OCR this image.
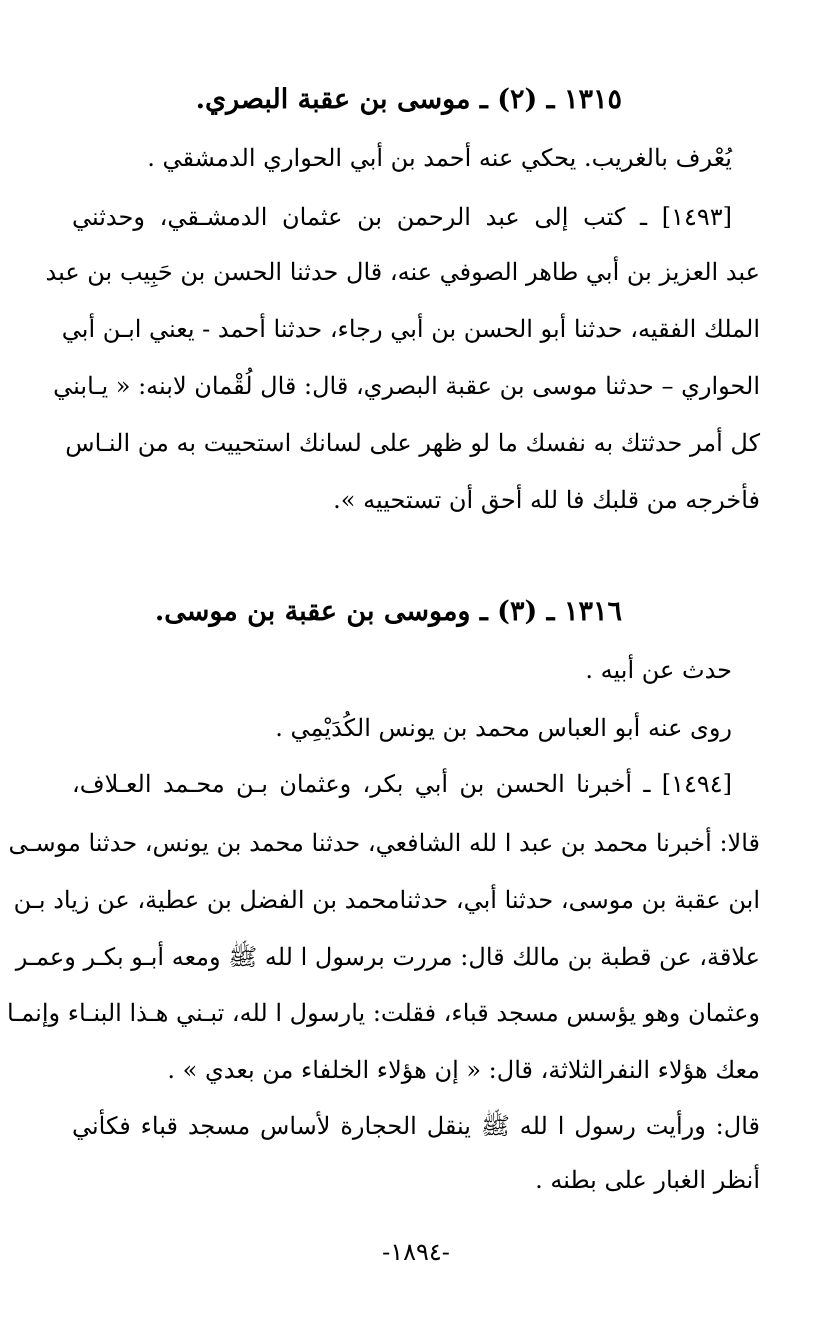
١٣١٥ ـ (٢) ـ موسى بن عقبة البصري.
يُعْرف بالغريب. يحكي عنه أحمد بن أبي الحواري الدمشقي .
[١٤٩٣] ـ كتب إلى عبد الرحمن بن عثمان الدمشـقي، وحدثني
عبد العزيز بن أبي طاهر الصوفي عنه، قال حدثنا الحسن بن حَبِيب بن عبد
الملك الفقيه، حدثنا أبو الحسن بن أبي رجاء، حدثنا أحمد - يعني ابـن أبي
الحواري – حدثنا موسى بن عقبة البصري، قال: قال لُقْمان لابنه: « يـابني
كل أمر حدثتك به نفسك ما لو ظهر على لسانك استحييت به من النـاس
فأخرجه من قلبك فا لله أحق أن تستحييه ».
١٣١٦ ـ (٣) ـ وموسى بن عقبة بن موسى.
حدث عن أبيه .
روى عنه أبو العباس محمد بن يونس الكُدَيْمِي .
[١٤٩٤] ـ أخبرنا الحسن بن أبي بكر، وعثمان بـن محـمد العـلاف،
قالا: أخبرنا محمد بن عبد ا لله الشافعي، حدثنا محمد بن يونس، حدثنا موسـى
ابن عقبة بن موسى، حدثنا أبي، حدثنامحمد بن الفضل بن عطية، عن زياد بـن
علاقة، عن قطبة بن مالك قال: مررت برسول ا لله ﷺ ومعه أبـو بكـر وعمـر
وعثمان وهو يؤسس مسجد قباء، فقلت: يارسول ا لله، تبـني هـذا البنـاء وإنمـا
معك هؤلاء النفرالثلاثة، قال: « إن هؤلاء الخلفاء من بعدي » .
قال: ورأيت رسول ا لله ﷺ ينقل الحجارة لأساس مسجد قباء فكأني
أنظر الغبار على بطنه .
-١٨٩٤-
